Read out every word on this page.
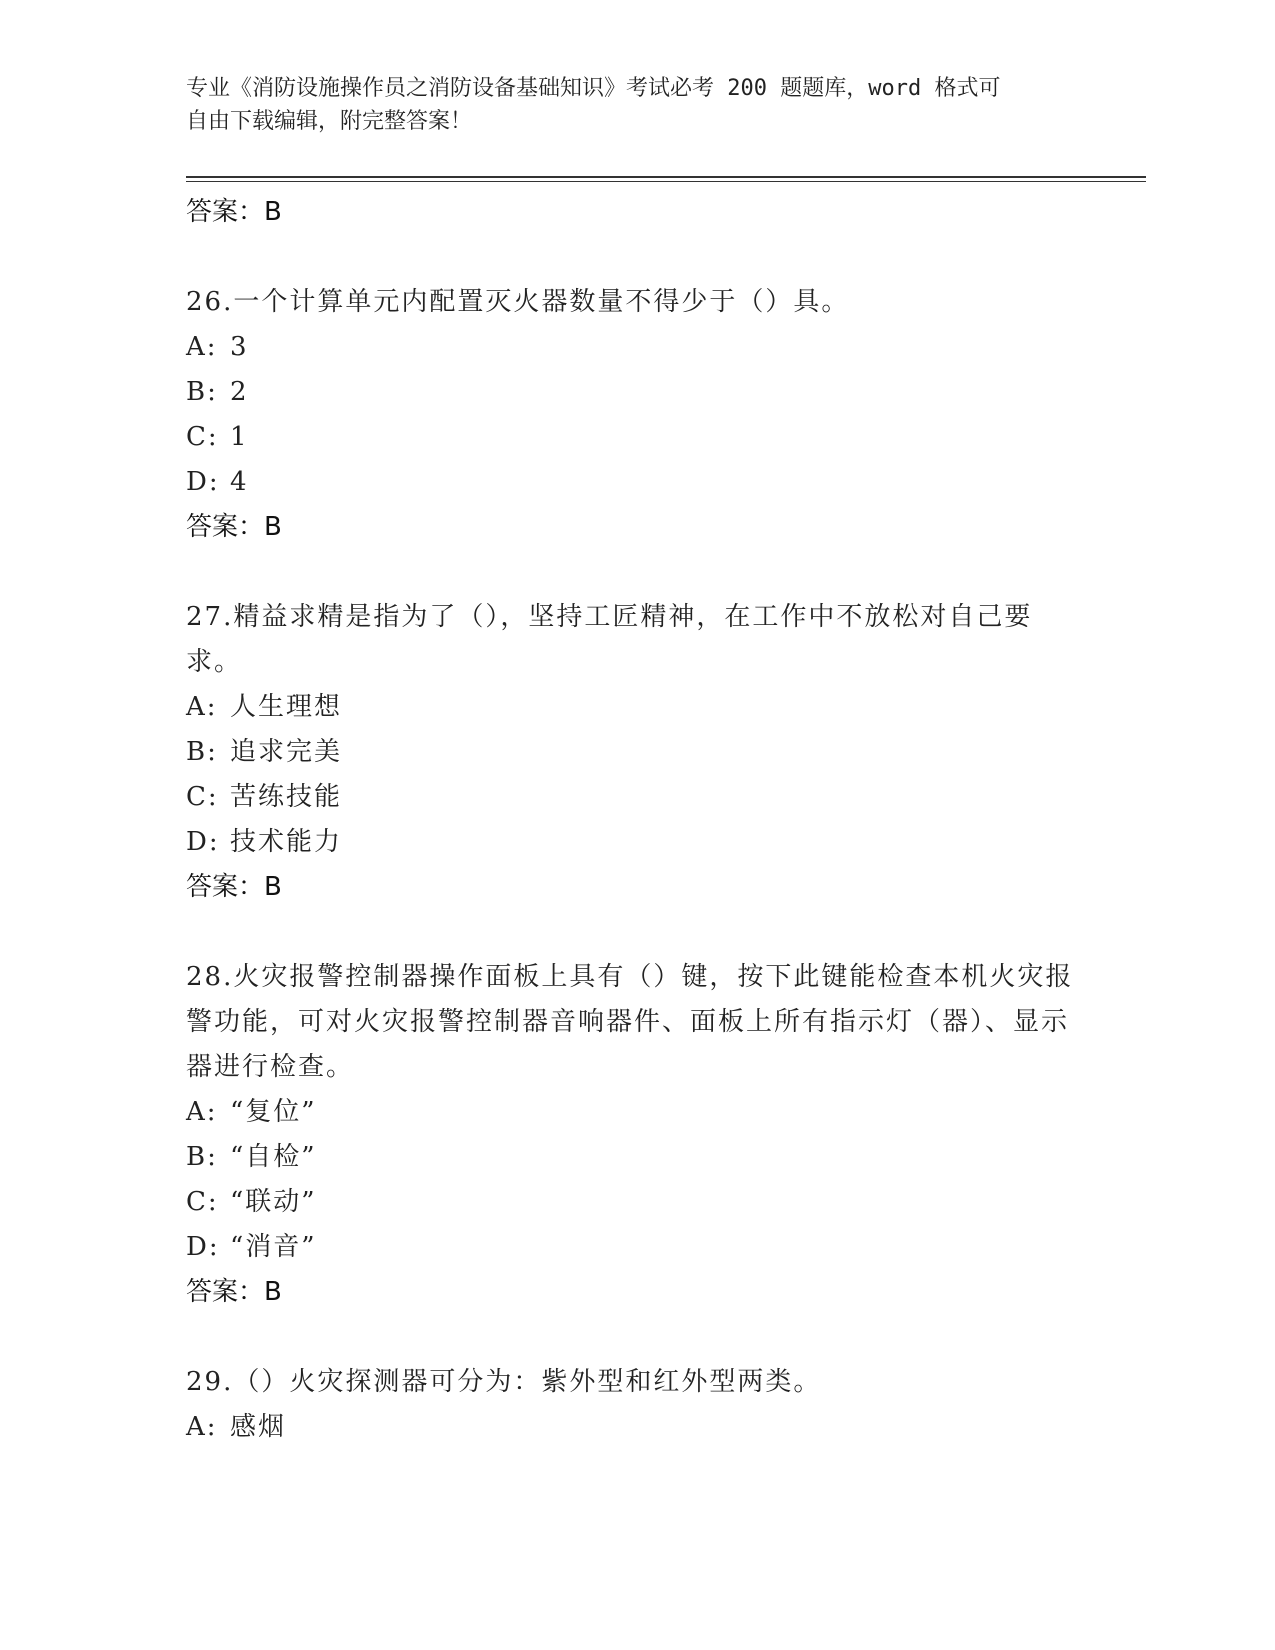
专业《消防设施操作员之消防设备基础知识》考试必考 200 题题库，word 格式可
自由下载编辑，附完整答案！
答案：B
26.一个计算单元内配置灭火器数量不得少于（）具。
A: 3
B: 2
C: 1
D: 4
答案：B
27.精益求精是指为了（），坚持工匠精神，在工作中不放松对自己要求。
A: 人生理想
B: 追求完美
C: 苦练技能
D: 技术能力
答案：B
28.火灾报警控制器操作面板上具有（）键，按下此键能检查本机火灾报警功能，可对火灾报警控制器音响器件、面板上所有指示灯（器）、显示器进行检查。
A: “复位”
B: “自检”
C: “联动”
D: “消音”
答案：B
29.（）火灾探测器可分为：紫外型和红外型两类。
A: 感烟
